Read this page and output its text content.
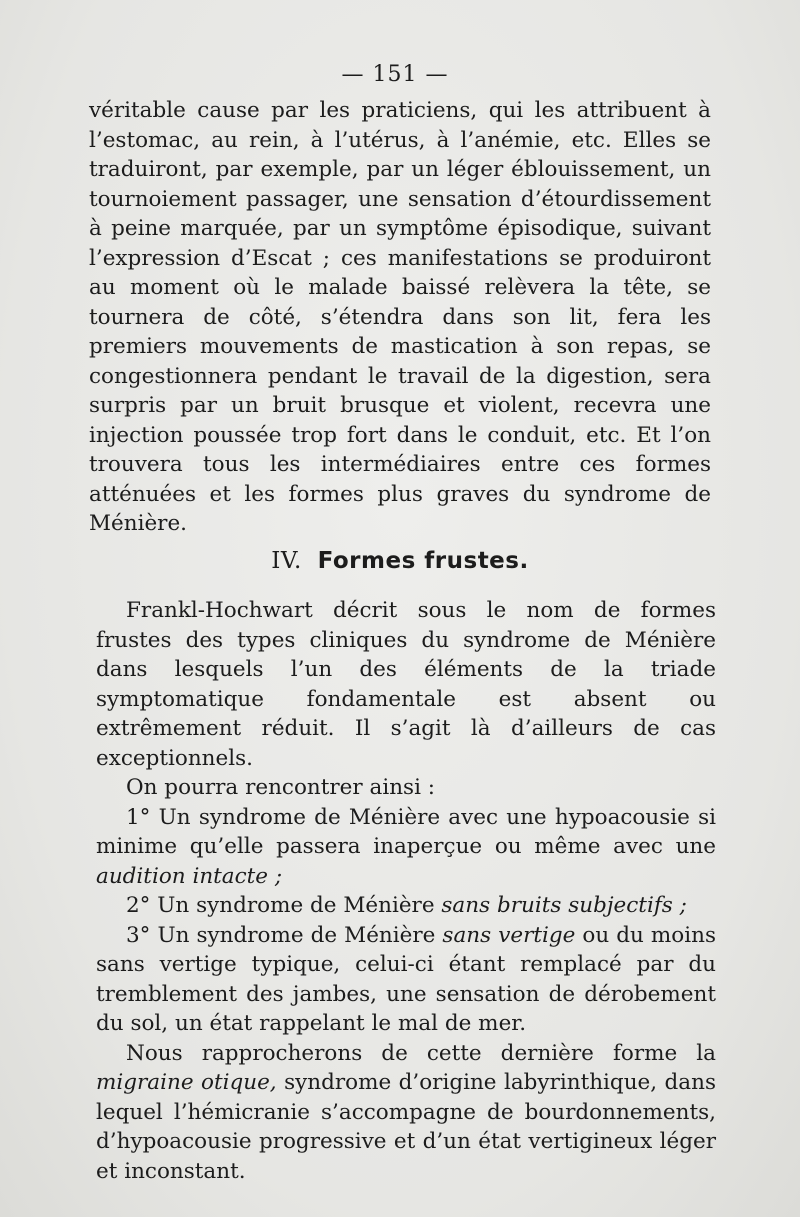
— 151 —

véritable cause par les praticiens, qui les attribuent à l’estomac, au rein, à l’utérus, à l’anémie, etc. Elles se traduiront, par exemple, par un léger éblouissement, un tournoiement passager, une sensation d’étourdissement à peine marquée, par un symptôme épisodique, suivant l’expression d’Escat ; ces manifestations se produiront au moment où le malade baissé relèvera la tête, se tournera de côté, s’étendra dans son lit, fera les premiers mouvements de mastication à son repas, se congestionnera pendant le travail de la digestion, sera surpris par un bruit brusque et violent, recevra une injection poussée trop fort dans le conduit, etc. Et l’on trouvera tous les intermédiaires entre ces formes atténuées et les formes plus graves du syndrome de Ménière.

IV. Formes frustes.

Frankl-Hochwart décrit sous le nom de formes frustes des types cliniques du syndrome de Ménière dans lesquels l’un des éléments de la triade symptomatique fondamentale est absent ou extrêmement réduit. Il s’agit là d’ailleurs de cas exceptionnels.

On pourra rencontrer ainsi :

1° Un syndrome de Ménière avec une hypoacousie si minime qu’elle passera inaperçue ou même avec une audition intacte ;

2° Un syndrome de Ménière sans bruits subjectifs ;

3° Un syndrome de Ménière sans vertige ou du moins sans vertige typique, celui-ci étant remplacé par du tremblement des jambes, une sensation de dérobement du sol, un état rappelant le mal de mer.

Nous rapprocherons de cette dernière forme la migraine otique, syndrome d’origine labyrinthique, dans lequel l’hémicranie s’accompagne de bourdonnements, d’hypoacousie progressive et d’un état vertigineux léger et inconstant.
